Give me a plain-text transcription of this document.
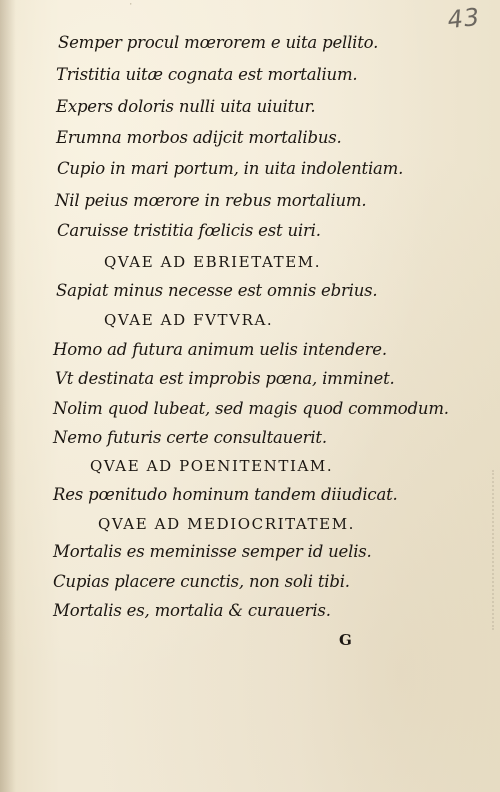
˙	43
Semper procul mœrorem e uita pellito.
Tristitia uitæ cognata est mortalium.
Expers doloris nulli uita uiuitur.
Erumna morbos adijcit mortalibus.
Cupio in mari portum, in uita indolentiam.
Nil peius mœrore in rebus mortalium.
Caruisse tristitia fœlicis est uiri.
QVAE AD EBRIETATEM.
Sapiat minus necesse est omnis ebrius.
QVAE AD FVTVRA.
Homo ad futura animum uelis intendere.
Vt destinata est improbis pœna, imminet.
Nolim quod lubeat, sed magis quod commodum.
Nemo futuris certe consultauerit.
QVAE AD POENITENTIAM.
Res pœnitudo hominum tandem diiudicat.
QVAE AD MEDIOCRITATEM.
Mortalis es meminisse semper id uelis.
Cupias placere cunctis, non soli tibi.
Mortalis es, mortalia & curaueris.
G
